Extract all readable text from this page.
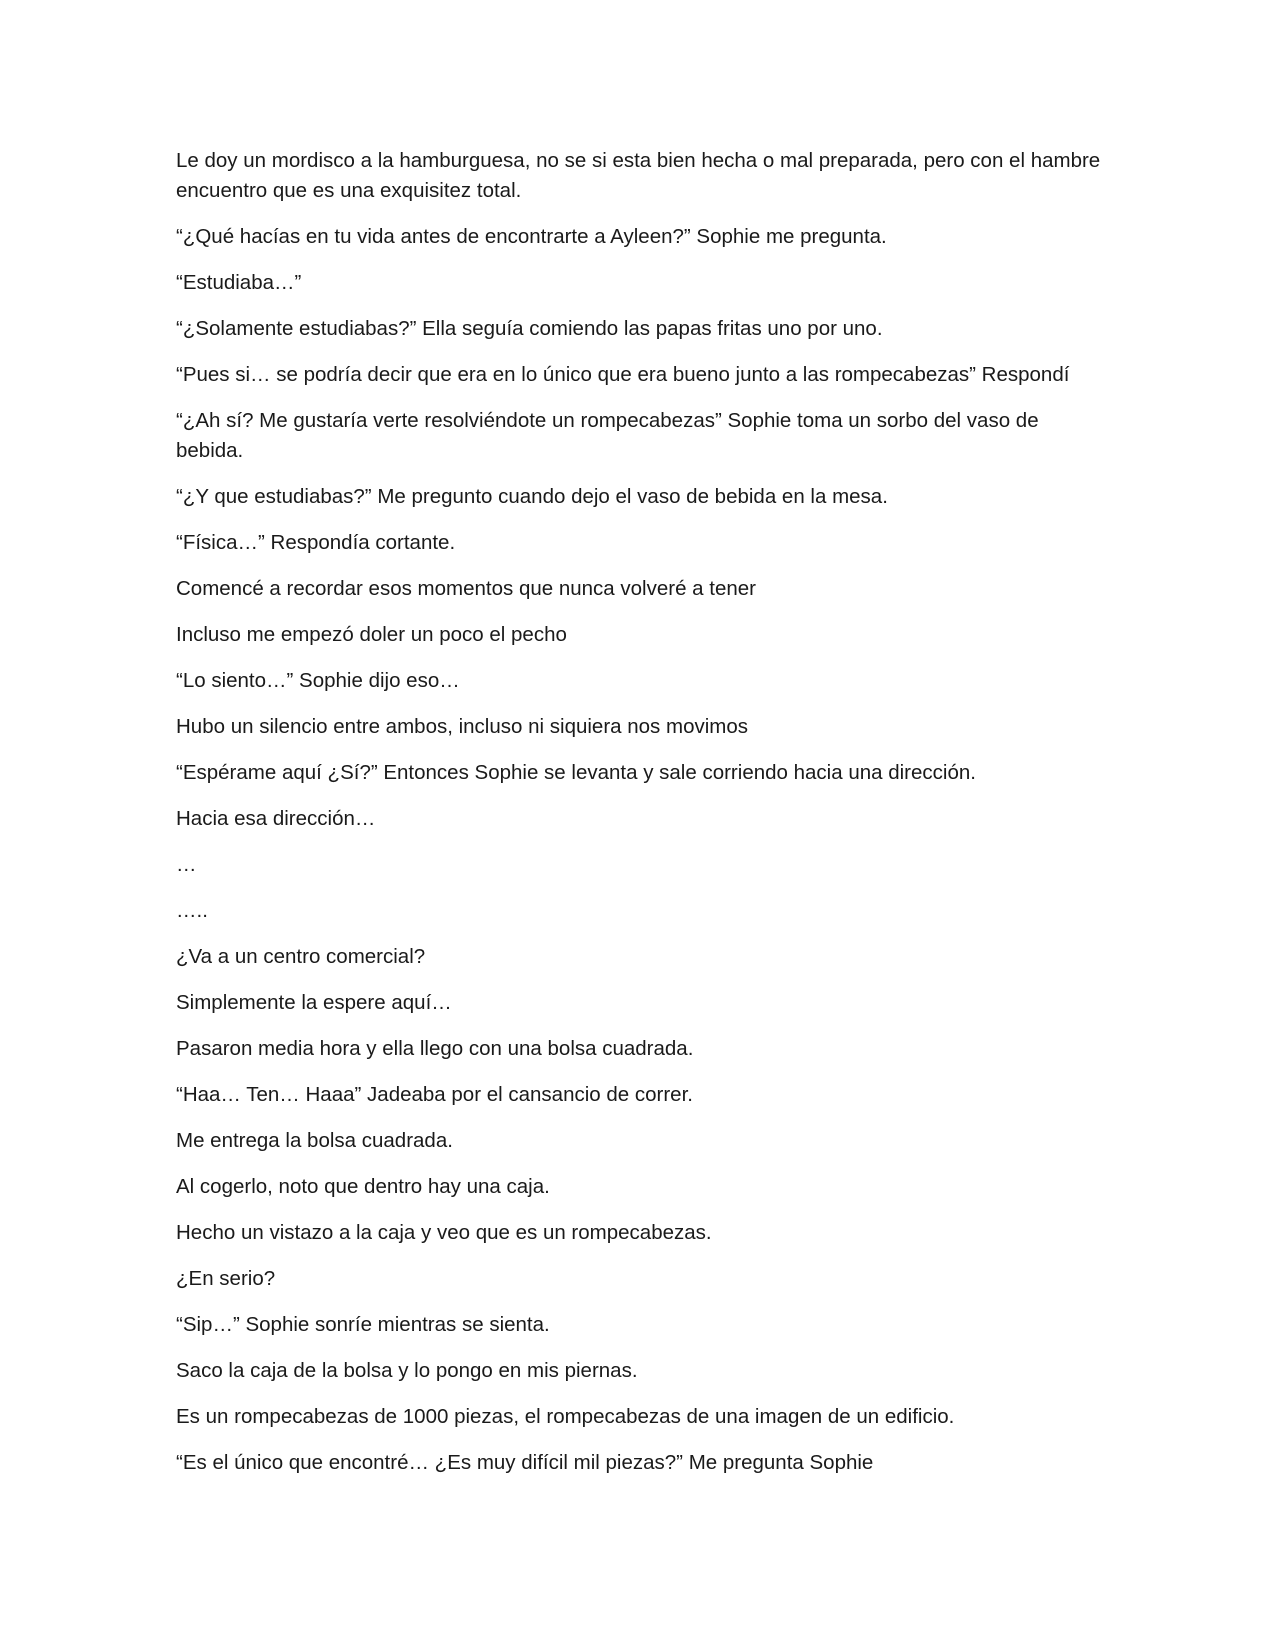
Le doy un mordisco a la hamburguesa, no se si esta bien hecha o mal preparada, pero con el hambre encuentro que es una exquisitez total.

“¿Qué hacías en tu vida antes de encontrarte a Ayleen?” Sophie me pregunta.

“Estudiaba…”

“¿Solamente estudiabas?” Ella seguía comiendo las papas fritas uno por uno.

“Pues si… se podría decir que era en lo único que era bueno junto a las rompecabezas” Respondí

“¿Ah sí? Me gustaría verte resolviéndote un rompecabezas” Sophie toma un sorbo del vaso de bebida.

“¿Y que estudiabas?” Me pregunto cuando dejo el vaso de bebida en la mesa.

“Física…” Respondía cortante.

Comencé a recordar esos momentos que nunca volveré a tener

Incluso me empezó doler un poco el pecho

“Lo siento…” Sophie dijo eso…

Hubo un silencio entre ambos, incluso ni siquiera nos movimos

“Espérame aquí ¿Sí?” Entonces Sophie se levanta y sale corriendo hacia una dirección.

Hacia esa dirección…

…

…..

¿Va a un centro comercial?

Simplemente la espere aquí…

Pasaron media hora y ella llego con una bolsa cuadrada.

“Haa… Ten… Haaa” Jadeaba por el cansancio de correr.

Me entrega la bolsa cuadrada.

Al cogerlo, noto que dentro hay una caja.

Hecho un vistazo a la caja y veo que es un rompecabezas.

¿En serio?

“Sip…” Sophie sonríe mientras se sienta.

Saco la caja de la bolsa y lo pongo en mis piernas.

Es un rompecabezas de 1000 piezas, el rompecabezas de una imagen de un edificio.

“Es el único que encontré… ¿Es muy difícil mil piezas?” Me pregunta Sophie
